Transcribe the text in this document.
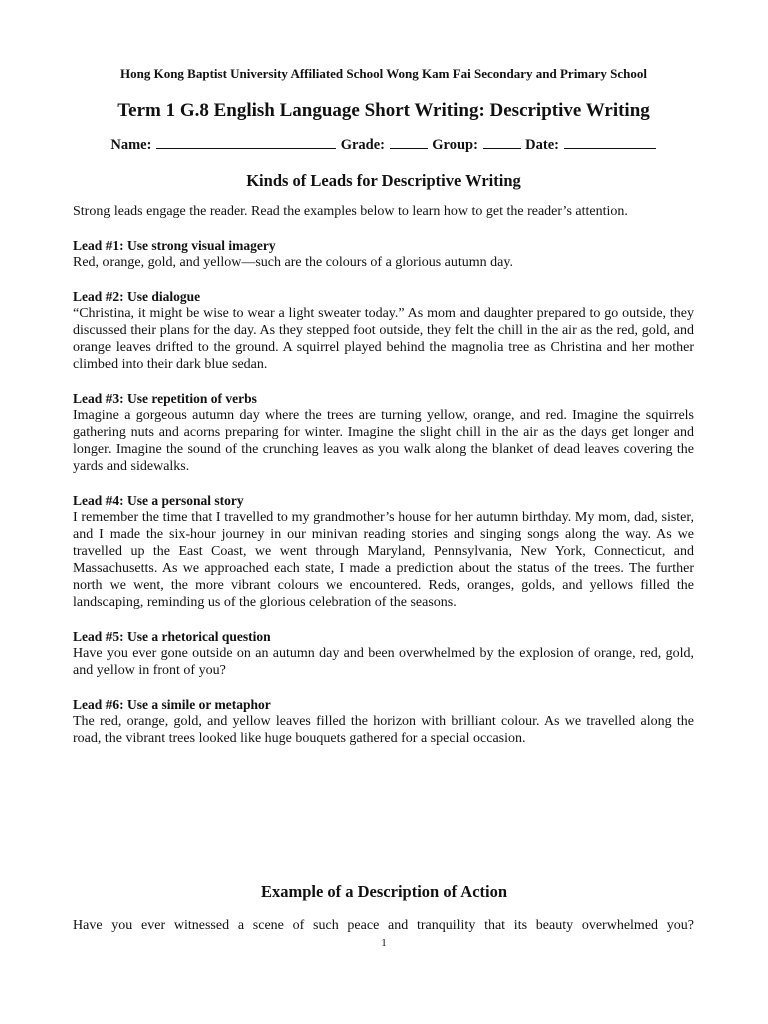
Hong Kong Baptist University Affiliated School Wong Kam Fai Secondary and Primary School

Term 1 G.8 English Language Short Writing: Descriptive Writing

Name:	Grade:	Group:	Date:

Kinds of Leads for Descriptive Writing

Strong leads engage the reader. Read the examples below to learn how to get the reader’s attention.

Lead #1: Use strong visual imagery

Red, orange, gold, and yellow—such are the colours of a glorious autumn day.

Lead #2: Use dialogue

“Christina, it might be wise to wear a light sweater today.” As mom and daughter prepared to go outside, they discussed their plans for the day. As they stepped foot outside, they felt the chill in the air as the red, gold, and orange leaves drifted to the ground. A squirrel played behind the magnolia tree as Christina and her mother climbed into their dark blue sedan.

Lead #3: Use repetition of verbs

Imagine a gorgeous autumn day where the trees are turning yellow, orange, and red. Imagine the squirrels gathering nuts and acorns preparing for winter. Imagine the slight chill in the air as the days get longer and longer. Imagine the sound of the crunching leaves as you walk along the blanket of dead leaves covering the yards and sidewalks.

Lead #4: Use a personal story

I remember the time that I travelled to my grandmother’s house for her autumn birthday. My mom, dad, sister, and I made the six-hour journey in our minivan reading stories and singing songs along the way. As we travelled up the East Coast, we went through Maryland, Pennsylvania, New York, Connecticut, and Massachusetts. As we approached each state, I made a prediction about the status of the trees. The further north we went, the more vibrant colours we encountered. Reds, oranges, golds, and yellows filled the landscaping, reminding us of the glorious celebration of the seasons.

Lead #5: Use a rhetorical question

Have you ever gone outside on an autumn day and been overwhelmed by the explosion of orange, red, gold, and yellow in front of you?

Lead #6: Use a simile or metaphor

The red, orange, gold, and yellow leaves filled the horizon with brilliant colour. As we travelled along the road, the vibrant trees looked like huge bouquets gathered for a special occasion.

Example of a Description of Action

Have you ever witnessed a scene of such peace and tranquility that its beauty overwhelmed you?

1
